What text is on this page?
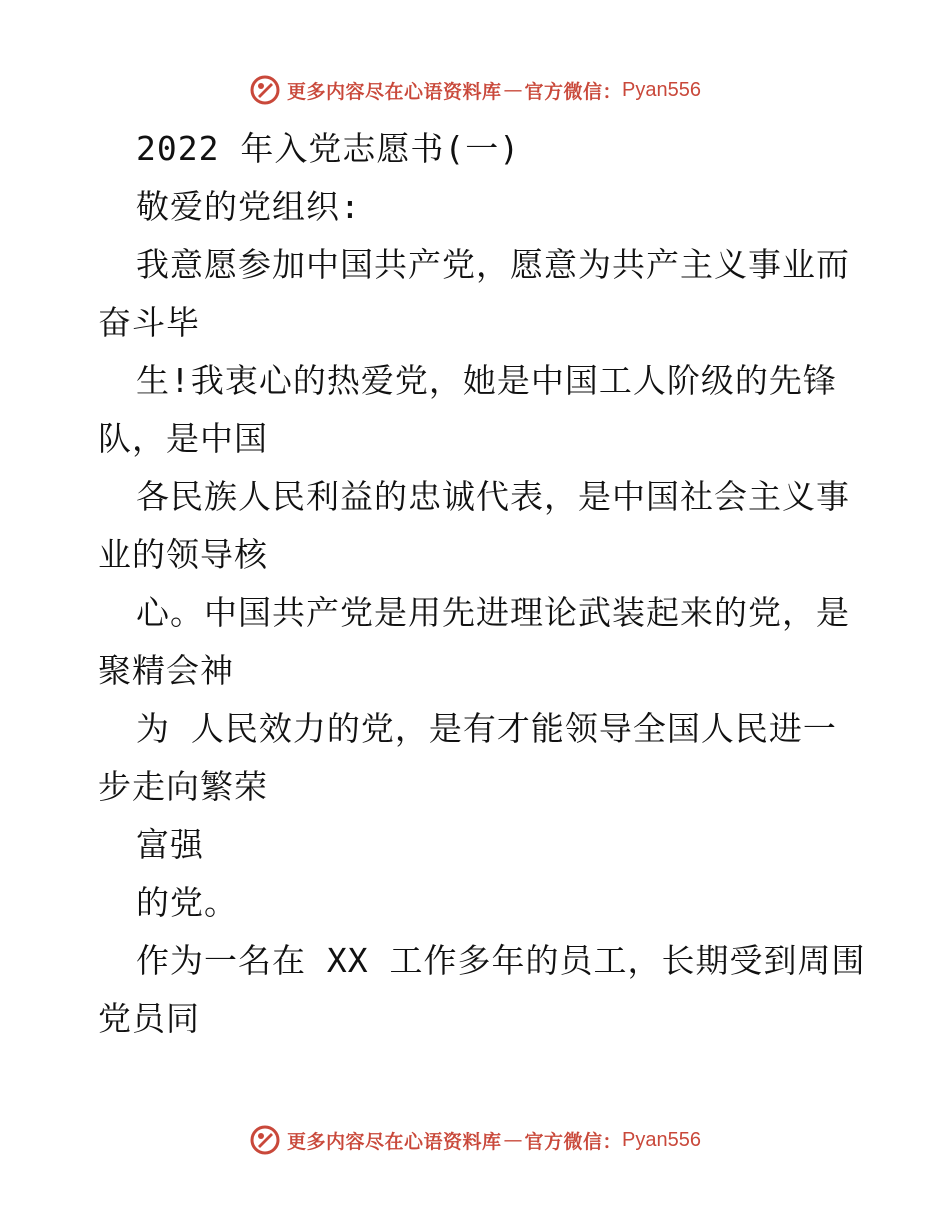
更多内容尽在心语资料库 — 官方微信： Pyan556
2022 年入党志愿书(一)
敬爱的党组织:
我意愿参加中国共产党，愿意为共产主义事业而
奋斗毕
生!我衷心的热爱党，她是中国工人阶级的先锋
队，是中国
各民族人民利益的忠诚代表，是中国社会主义事
业的领导核
心。中国共产党是用先进理论武装起来的党，是
聚精会神
为 人民效力的党，是有才能领导全国人民进一
步走向繁荣
富强
的党。
作为一名在 XX 工作多年的员工，长期受到周围
党员同
更多内容尽在心语资料库 — 官方微信： Pyan556
